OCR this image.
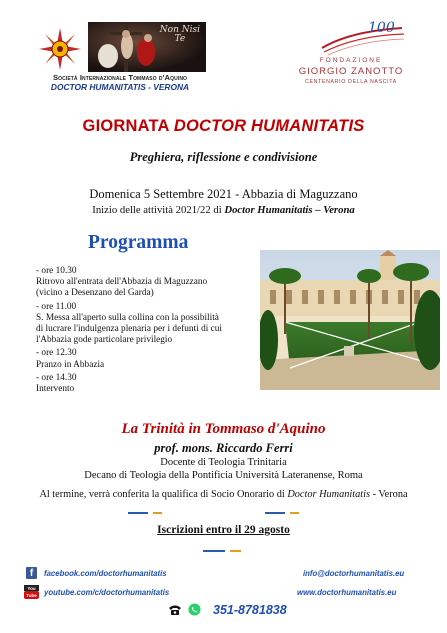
Non Nisi
Te
Società Internazionale Tommaso d'Aquino
DOCTOR HUMANITATIS - VERONA
100
FONDAZIONE
GIORGIO ZANOTTO
CENTENARIO DELLA NASCITA
GIORNATA DOCTOR HUMANITATIS
Preghiera, riflessione e condivisione
Domenica 5 Settembre 2021 - Abbazia di Maguzzano
Inizio delle attività 2021/22 di Doctor Humanitatis – Verona
Programma
- ore 10.30
Ritrovo all'entrata dell'Abbazia di Maguzzano
(vicino a Desenzano del Garda)
- ore 11.00
S. Messa all'aperto sulla collina con la possibilità
di lucrare l'indulgenza plenaria per i defunti di cui
l'Abbazia gode particolare privilegio
- ore 12.30
Pranzo in Abbazia
- ore 14.30
Intervento
La Trinità in Tommaso d'Aquino
prof. mons. Riccardo Ferri
Docente di Teologia Trinitaria
Decano di Teologia della Pontificia Università Lateranense, Roma
Al termine, verrà conferita la qualifica di Socio Onorario di Doctor Humanitatis - Verona
Iscrizioni entro il 29 agosto
f	facebook.com/doctorhumanitatis
You
Tube youtube.com/c/doctorhumanitatis
info@doctorhumanitatis.eu
www.doctorhumanitatis.eu
351-8781838
